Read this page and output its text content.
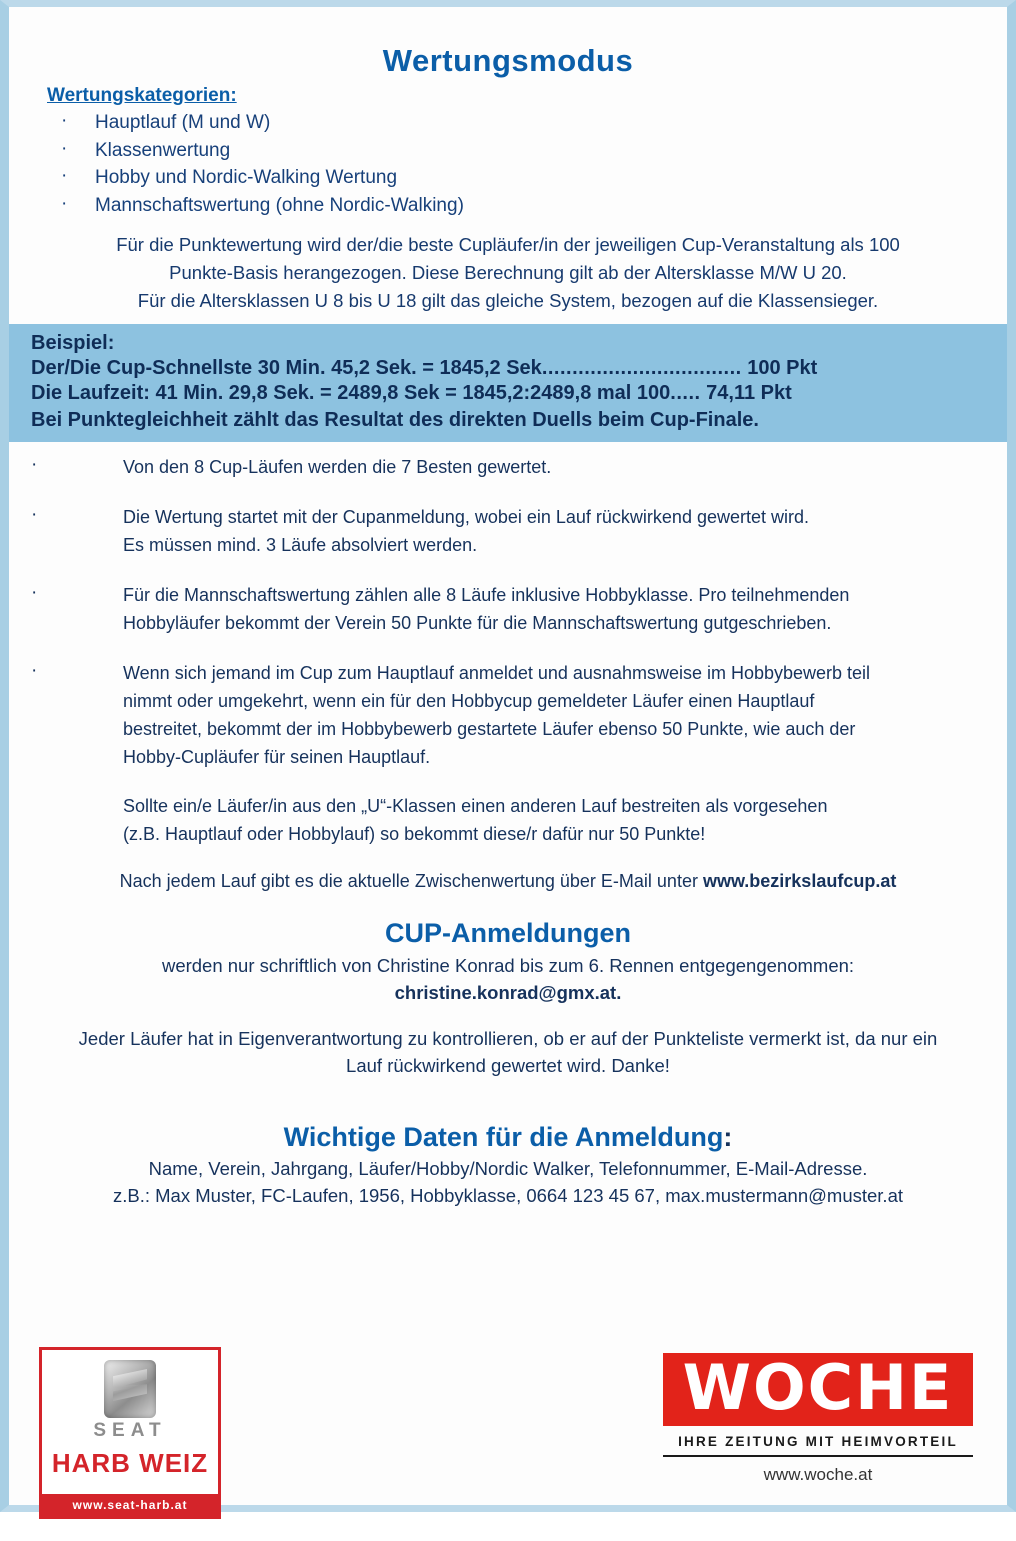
Wertungsmodus
Wertungskategorien:
· Hauptlauf (M und W)
· Klassenwertung
· Hobby und Nordic-Walking Wertung
· Mannschaftswertung (ohne Nordic-Walking)
Für die Punktewertung wird der/die beste Cupläufer/in der jeweiligen Cup-Veranstaltung als 100
Punkte-Basis herangezogen. Diese Berechnung gilt ab der Altersklasse M/W U 20.
Für die Altersklassen U 8 bis U 18 gilt das gleiche System, bezogen auf die Klassensieger.
Beispiel:
Der/Die Cup-Schnellste 30 Min. 45,2 Sek. = 1845,2 Sek................................. 100 Pkt
Die Laufzeit: 41 Min. 29,8 Sek. = 2489,8 Sek = 1845,2:2489,8 mal 100..... 74,11 Pkt
Bei Punktegleichheit zählt das Resultat des direkten Duells beim Cup-Finale.
· Von den 8 Cup-Läufen werden die 7 Besten gewertet.
· Die Wertung startet mit der Cupanmeldung, wobei ein Lauf rückwirkend gewertet wird.
Es müssen mind. 3 Läufe absolviert werden.
· Für die Mannschaftswertung zählen alle 8 Läufe inklusive Hobbyklasse. Pro teilnehmenden
Hobbyläufer bekommt der Verein 50 Punkte für die Mannschaftswertung gutgeschrieben.
· Wenn sich jemand im Cup zum Hauptlauf anmeldet und ausnahmsweise im Hobbybewerb teil
nimmt oder umgekehrt, wenn ein für den Hobbycup gemeldeter Läufer einen Hauptlauf
bestreitet, bekommt der im Hobbybewerb gestartete Läufer ebenso 50 Punkte, wie auch der
Hobby-Cupläufer für seinen Hauptlauf.
Sollte ein/e Läufer/in aus den „U“-Klassen einen anderen Lauf bestreiten als vorgesehen
(z.B. Hauptlauf oder Hobbylauf) so bekommt diese/r dafür nur 50 Punkte!
Nach jedem Lauf gibt es die aktuelle Zwischenwertung über E-Mail unter www.bezirkslaufcup.at
CUP-Anmeldungen
werden nur schriftlich von Christine Konrad bis zum 6. Rennen entgegengenommen:
christine.konrad@gmx.at.
Jeder Läufer hat in Eigenverantwortung zu kontrollieren, ob er auf der Punkteliste vermerkt ist, da nur ein
Lauf rückwirkend gewertet wird. Danke!
Wichtige Daten für die Anmeldung:
Name, Verein, Jahrgang, Läufer/Hobby/Nordic Walker, Telefonnummer, E-Mail-Adresse.
z.B.: Max Muster, FC-Laufen, 1956, Hobbyklasse, 0664 123 45 67, max.mustermann@muster.at
SEAT
HARB WEIZ
www.seat-harb.at
WOCHE
IHRE ZEITUNG MIT HEIMVORTEIL
www.woche.at
